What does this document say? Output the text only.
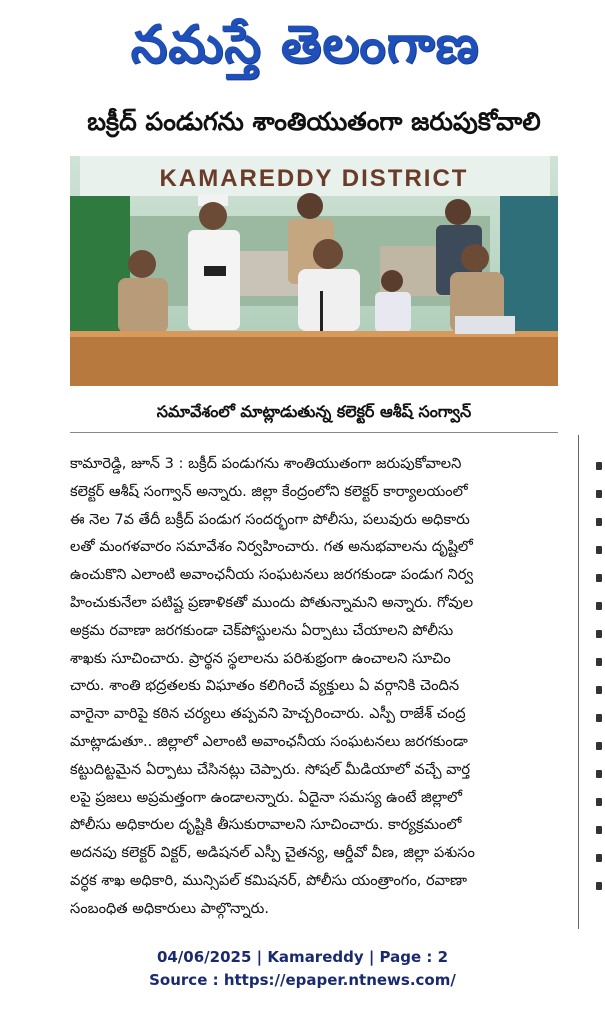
నమస్తే తెలంగాణ
బక్రీద్ పండుగను శాంతియుతంగా జరుపుకోవాలి
KAMAREDDY DISTRICT
సమావేశంలో మాట్లాడుతున్న కలెక్టర్ ఆశీష్ సంగ్వాన్
కామారెడ్డి, జూన్ 3 : బక్రీద్ పండుగను శాంతియుతంగా జరుపుకోవాలని
కలెక్టర్ ఆశీష్ సంగ్వాన్ అన్నారు. జిల్లా కేంద్రంలోని కలెక్టర్ కార్యాలయంలో
ఈ నెల 7వ తేదీ బక్రీద్ పండుగ సందర్భంగా పోలీసు, పలువురు అధికారు
లతో మంగళవారం సమావేశం నిర్వహించారు. గత అనుభవాలను దృష్టిలో
ఉంచుకొని ఎలాంటి అవాంఛనీయ సంఘటనలు జరగకుండా పండుగ నిర్వ
హించుకునేలా పటిష్ట ప్రణాళికతో ముందు పోతున్నామని అన్నారు. గోవుల
అక్రమ రవాణా జరగకుండా చెక్‌పోస్టులను ఏర్పాటు చేయాలని పోలీసు
శాఖకు సూచించారు. ప్రార్థన స్థలాలను పరిశుభ్రంగా ఉంచాలని సూచిం
చారు. శాంతి భద్రతలకు విఘాతం కలిగించే వ్యక్తులు ఏ వర్గానికి చెందిన
వారైనా వారిపై కఠిన చర్యలు తప్పవని హెచ్చరించారు. ఎస్పీ రాజేశ్ చంద్ర
మాట్లాడుతూ.. జిల్లాలో ఎలాంటి అవాంఛనీయ సంఘటనలు జరగకుండా
కట్టుదిట్టమైన ఏర్పాటు చేసినట్లు చెప్పారు. సోషల్ మీడియాలో వచ్చే వార్త
లపై ప్రజలు అప్రమత్తంగా ఉండాలన్నారు. ఏదైనా సమస్య ఉంటే జిల్లాలో
పోలీసు అధికారుల దృష్టికి తీసుకురావాలని సూచించారు. కార్యక్రమంలో
అదనపు కలెక్టర్ విక్టర్, అడిషనల్ ఎస్పీ చైతన్య, ఆర్డీవో వీణ, జిల్లా పశుసం
వర్ధక శాఖ అధికారి, మున్సిపల్ కమిషనర్, పోలీసు యంత్రాంగం, రవాణా
సంబంధిత అధికారులు పాల్గొన్నారు.
04/06/2025 | Kamareddy | Page : 2
Source : https://epaper.ntnews.com/
